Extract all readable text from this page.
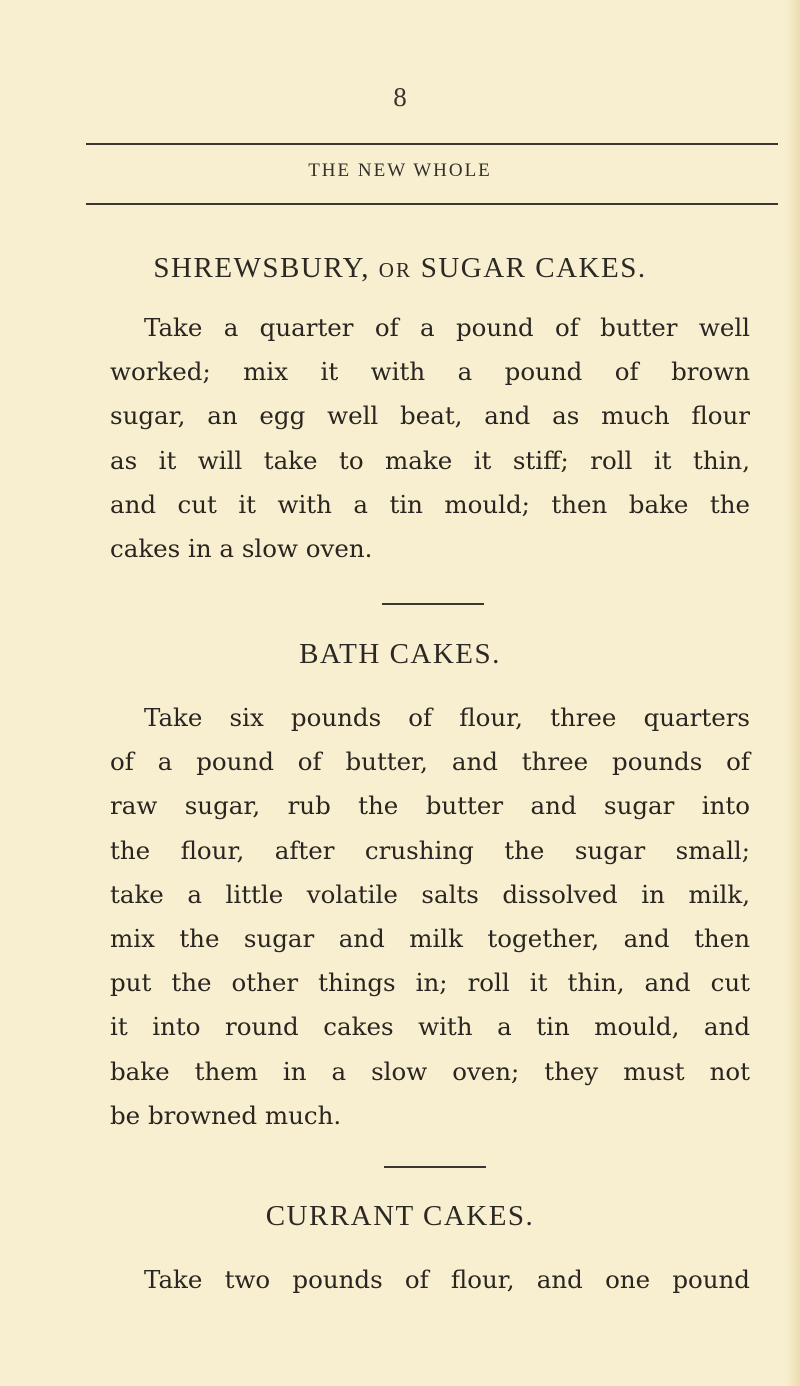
8
THE NEW WHOLE
SHREWSBURY, OR SUGAR CAKES.
Take a quarter of a pound of butter well
worked; mix it with a pound of brown
sugar, an egg well beat, and as much flour
as it will take to make it stiff; roll it thin,
and cut it with a tin mould; then bake the
cakes in a slow oven.
BATH CAKES.
Take six pounds of flour, three quarters
of a pound of butter, and three pounds of
raw sugar, rub the butter and sugar into
the flour, after crushing the sugar small;
take a little volatile salts dissolved in milk,
mix the sugar and milk together, and then
put the other things in; roll it thin, and cut
it into round cakes with a tin mould, and
bake them in a slow oven; they must not
be browned much.
CURRANT CAKES.
Take two pounds of flour, and one pound
